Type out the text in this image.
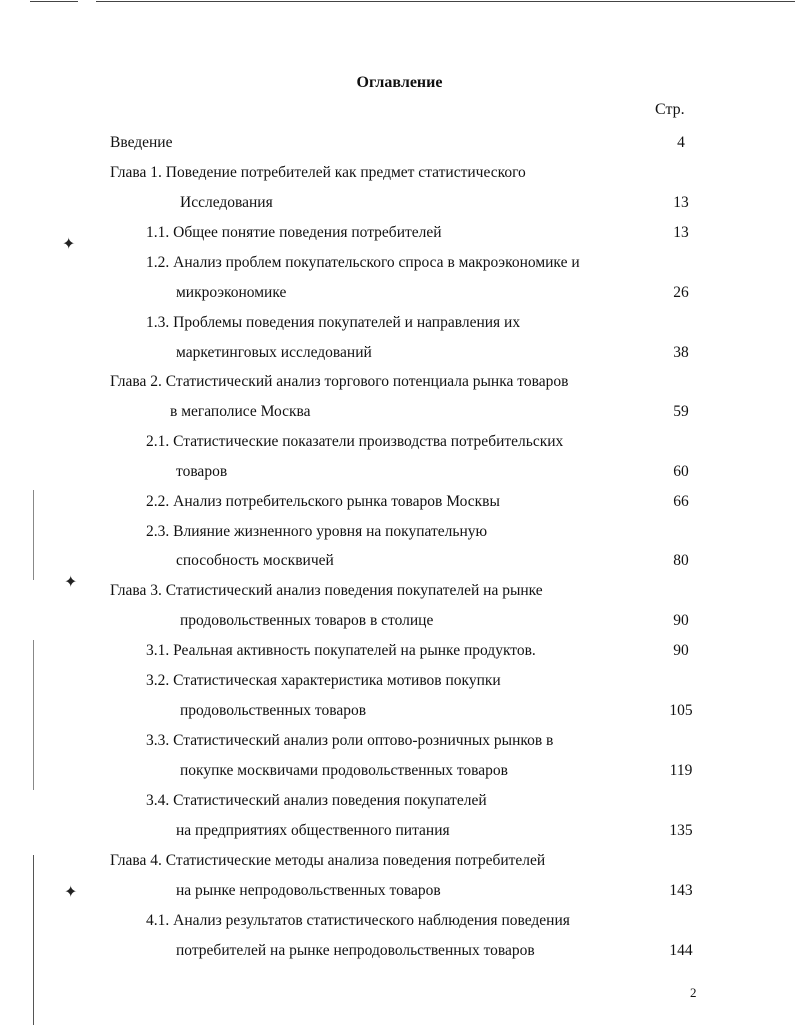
✦
✦
✦
Оглавление
Стр.
Введение	4
Глава 1. Поведение потребителей как предмет статистического
Исследования	13
1.1. Общее понятие поведения потребителей	13
1.2. Анализ проблем покупательского спроса в макроэкономике и
микроэкономике	26
1.3. Проблемы поведения покупателей и направления их
маркетинговых исследований	38
Глава 2. Статистический анализ торгового потенциала рынка товаров
в мегаполисе Москва	59
2.1. Статистические показатели производства потребительских
товаров	60
2.2. Анализ потребительского рынка товаров Москвы	66
2.3. Влияние жизненного уровня на покупательную
способность москвичей	80
Глава 3. Статистический анализ поведения покупателей на рынке
продовольственных товаров в столице	90
3.1. Реальная активность покупателей на рынке продуктов.	90
3.2. Статистическая характеристика мотивов покупки
продовольственных товаров	105
3.3. Статистический анализ роли оптово-розничных рынков в
покупке москвичами продовольственных товаров	119
3.4. Статистический анализ поведения покупателей
на предприятиях общественного питания	135
Глава 4. Статистические методы анализа поведения потребителей
на рынке непродовольственных товаров	143
4.1. Анализ результатов статистического наблюдения поведения
потребителей на рынке непродовольственных товаров	144
2
